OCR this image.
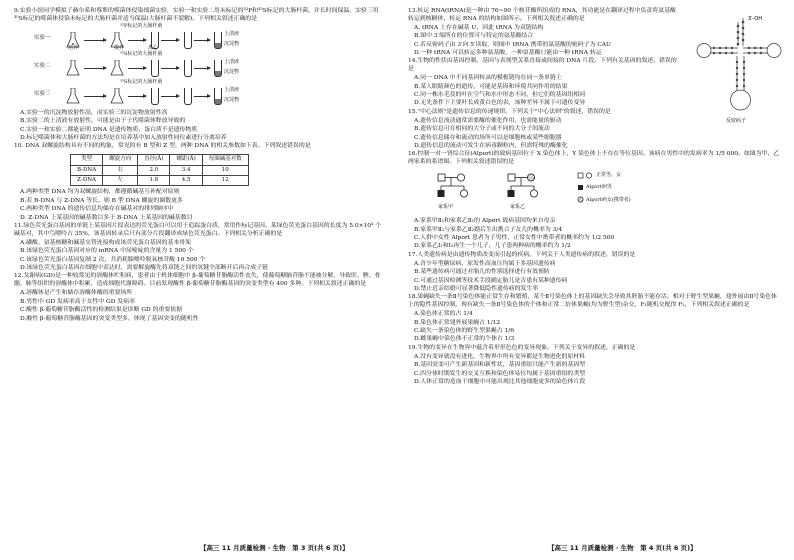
9.实验小组同学模拟了赫尔希和蔡斯的噬菌体侵染细菌实验，实验一和实验二用未标记的³²P和³⁵S标记的大肠杆菌，并长时间保温，实验三用³⁵S标记的噬菌体侵染未标记的大肠杆菌并适当保温(大肠杆菌不裂解)。下列相关叙述正确的是
³²P标记的大肠杆菌
实验一
上清液
沉淀物
培养	搅拌	离心
³⁵S标记的大肠杆菌
实验二
上清液
沉淀物
³⁵S标记的大肠杆菌
实验三
上清液
沉淀物
A.实验一的沉淀物放射性高，而实验三的沉淀物放射性高
B.实验二的上清液有放射性，可能是由于子代噬菌体释放导致的
C.实验一和实验二都能证明 DNA 是遗传物质，蛋白质不是遗传物质
D.标记噬菌体和大肠杆菌的方法均是在培养基中加入放射性同位素进行分离培养
10. DNA 双螺旋结构具有不同的构象，常见的有 B 型和 Z 型，两种 DNA 的相关参数如下表。下列叙述错误的是
类型	螺旋方向	直径(Å)	螺距(Å)	每圈碱基对数
B-DNA	右	2.0	3.4	10
Z-DNA	左	1.8	4.5	12
A.两种类型 DNA 均为双螺旋结构，都遵循碱基互补配对原则
B.若 B-DNA 与 Z-DNA 等长，则 B 型 DNA 螺旋的圈数更多
C.两种类型 DNA 的遗传信息均储存在碱基对的排列顺序中
D. Z-DNA 上某基因的碱基数目多于 B-DNA 上某基因的碱基数目
11.绿色荧光蛋白基因的单链上某基因片段表达的荧光蛋白可以用于追踪蛋白质，常用作标记基因。某绿色荧光蛋白基因的长度为 5.0×10³ 个碱基对，其中鸟嘌呤占 35%，该基因转录后只有部分片段翻译成绿色荧光蛋白。下列相关分析正确的是
A.磷酸、氨基核糖和碱基交替连接构成该荧光蛋白基因的基本骨架
B.该绿色荧光蛋白基因对应的 mRNA 中尿嘧啶的含量为 1 500 个
C.该绿色荧光蛋白基因复制 2 次，共消耗腺嘌呤脱氧核苷酸 10 500 个
D.该绿色荧光蛋白基因在细胞中表达时，需要解旋酶先将双链之间的氢键全部断开后再合成子链
12.戈谢病(GD)是一种较常见的溶酶体贮积病，患者由于机体细胞中 β-葡萄糖苷脂酶活性丧失，使葡萄糖脑苷脂不能被分解，导致肝、脾、骨髓、肺等组织的溶酶体中积累，造成细胞代谢障碍。目前发现酶性 β-葡萄糖苷脂酶基因的突变类型有 400 多种。下列相关叙述正确的是
A.溶酶体是产生和储存溶酶体酶的重要场所
B.男性中 GD 发病率高于女性中 GD 发病率
C.酸性 β-葡萄糖苷脂酶活性的检测结果是诊断 GD 的重要依据
D.酸性 β-葡萄糖苷脂酶基因的突变类型多，体现了基因突变的随机性
【高三 11 月质量检测 · 生物　第 3 页(共 6 页)】
13.转运 RNA(tRNA)是一种由 76~90 个核苷酸所组成的 RNA，其功能是在翻译过程中负责将氨基酸转运到核糖体，转运 RNA 的结构如图所示。下列相关叙述正确的是
A. tRNA 上存在碱基 U，因此 tRNA 为双链结构
B.图中 3′端所在的位置可与特定的氨基酸结合
C.若反密码子由 3′向 5′读取，则图中 tRNA 携带的氨基酸的密码子为 CAU
D.一种 tRNA 可以转运多种氨基酸，一种氨基酸只能由一种 tRNA 转运
14.生物的性状由基因控制，基因与表现型关系直接或间接的 DNA 片段。下列有关基因的叙述，错误的是
A.同一 DNA 中不同基因转录的模板链均在同一条单链上
B.某人眼睛颜色的遗传，可能是基因和环境共同作用的结果
C.同一株水毛茛的叶在空气和水中形态不同，但它们的基因组相同
D.无先条件下主要叶长成黄白色的表，该种差异不属于可遗传变异
15."中心法则"是遗传信息的传递规律。下列关于"中心法则"的叙述，错误的是
A.遗传信息流动通常需要酶的催化作用，也需能量的驱动
B.遗传信息可在相同的大分子或不同的大分子间流动
C.遗传信息储存和流动的场所可以是细胞核或某些细胞器
D.遗传信息的流动可发生在病毒颗粒内，但需特殊的酶催化
16.控制一对一肾综合征(Alport)的致病基因位于 X 染色体上，Y 染色体上不存在等位基因。该病在男性中的发病率为 1/5 000。如图为甲、乙两家系的系谱图。下列相关叙述错误的是
家系甲	家系乙
正常男、女
Alport病男
Alport病女(携带者)
A.家系甲Ⅱ₁和家系乙Ⅱ₁的 Alport 致病基因均来自母亲
B.家系甲Ⅱ₂与家系乙Ⅱ₂婚后生出携合子女儿的概率为 3/4
C.人群中女性 Alport 患者为子男性，正常女性中携带者的概率约为 1/2 500
D.家系乙Ⅰ₁和Ⅰ₂再生一个儿子，儿子患两种病的概率约为 1/2
17.人类遗传病是由遗传物质改变而引起的疾病。下列关于人类遗传病的叙述，错误的是
A.青少年型糖尿病、原发性高血压均属于多基因遗传病
B.某些遗传病可通过对胎儿的性别选择进行有效预防
C.可通过基因检测等技术手段确定胎儿是否患有某种遗传病
D.禁止近亲结婚可显著降低隐性遗传病的发生率
18.果蝇缺失一条Ⅱ号染色体能正常生存和繁殖，某个Ⅱ号染色体上的基因缺失会导致其胚胎不能存活。相对于野生型果蝇，翅外展由Ⅱ号染色体上的隐性基因控制。现有缺失一条Ⅱ号染色体的个体和正常二倍体果蝇(均为野生型)杂交，F₁随机交配得 F₂，下列相关叙述正确的是
A.染色体正常的占 1/4
B.染色体正常翅外展果蝇占 1/12
C.缺失一条染色体的野生型果蝇占 1/6
D.雌果蝇中染色体不正常的个体占 1/3
19.生物的变异在生物界中蕴含着形形色色的变异现象。下列关于变异的叙述，正确的是
A.没有变异就没有进化，生物界中所有变异都是生物进化的原材料
B.基因突变可产生新基因和新性状，基因重组只能产生新的基因型
C.四分体时期发生的交叉互换和染色体易位均属于基因重组的类型
D.人体正常的造血干细胞中可能出现比其他细胞更多的染色体片段
3′-OH
反密码子
【高三 11 月质量检测 · 生物　第 4 页(共 6 页)】
